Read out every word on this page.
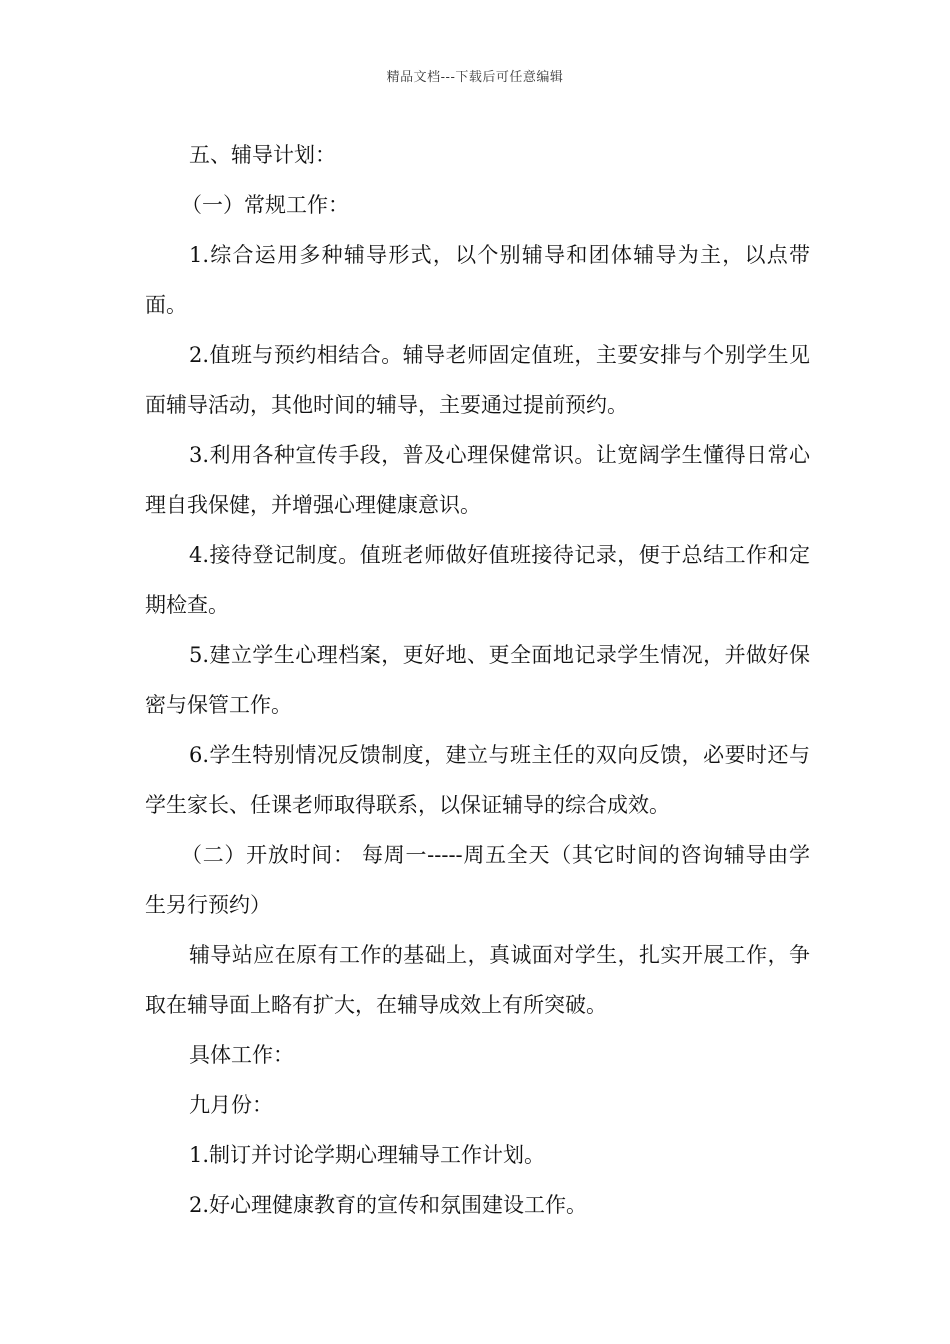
精品文档---下载后可任意编辑

五、辅导计划：

（一）常规工作：

1.综合运用多种辅导形式，以个别辅导和团体辅导为主，以点带面。

2.值班与预约相结合。辅导老师固定值班，主要安排与个别学生见面辅导活动，其他时间的辅导，主要通过提前预约。

3.利用各种宣传手段，普及心理保健常识。让宽阔学生懂得日常心理自我保健，并增强心理健康意识。

4.接待登记制度。值班老师做好值班接待记录，便于总结工作和定期检查。

5.建立学生心理档案，更好地、更全面地记录学生情况，并做好保密与保管工作。

6.学生特别情况反馈制度，建立与班主任的双向反馈，必要时还与学生家长、任课老师取得联系，以保证辅导的综合成效。

（二）开放时间： 每周一-----周五全天（其它时间的咨询辅导由学生另行预约）

辅导站应在原有工作的基础上，真诚面对学生，扎实开展工作，争取在辅导面上略有扩大，在辅导成效上有所突破。

具体工作：

九月份：

1.制订并讨论学期心理辅导工作计划。

2.好心理健康教育的宣传和氛围建设工作。
